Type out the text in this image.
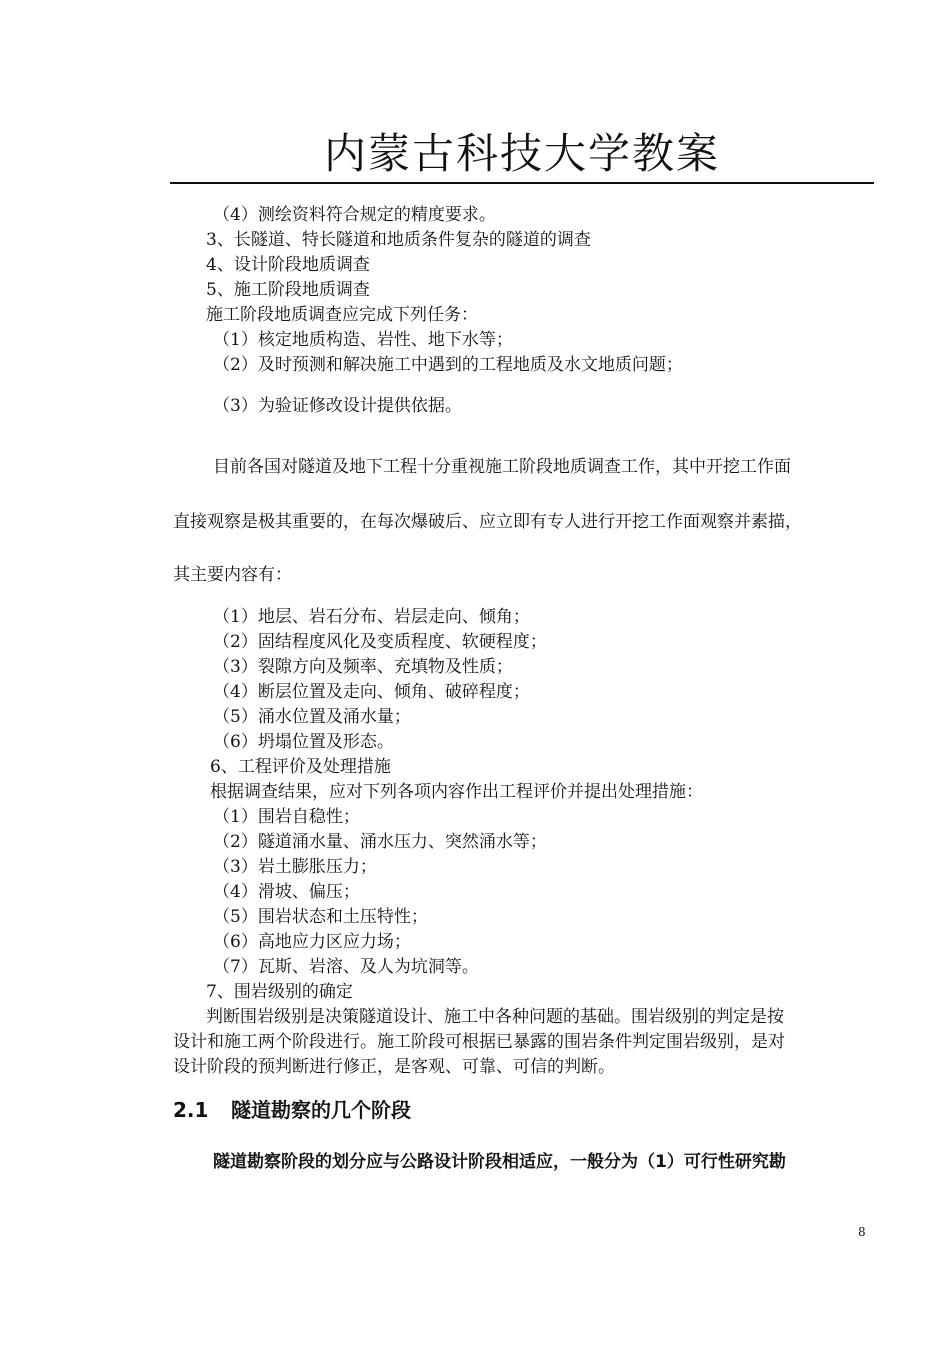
内蒙古科技大学教案
（4）测绘资料符合规定的精度要求。
3、长隧道、特长隧道和地质条件复杂的隧道的调查
4、设计阶段地质调查
5、施工阶段地质调查
施工阶段地质调查应完成下列任务：
（1）核定地质构造、岩性、地下水等；
（2）及时预测和解决施工中遇到的工程地质及水文地质问题；
（3）为验证修改设计提供依据。
目前各国对隧道及地下工程十分重视施工阶段地质调查工作，其中开挖工作面
直接观察是极其重要的，在每次爆破后、应立即有专人进行开挖工作面观察并素描，
其主要内容有：
（1）地层、岩石分布、岩层走向、倾角；
（2）固结程度风化及变质程度、软硬程度；
（3）裂隙方向及频率、充填物及性质；
（4）断层位置及走向、倾角、破碎程度；
（5）涌水位置及涌水量；
（6）坍塌位置及形态。
6、工程评价及处理措施
根据调查结果，应对下列各项内容作出工程评价并提出处理措施：
（1）围岩自稳性；
（2）隧道涌水量、涌水压力、突然涌水等；
（3）岩土膨胀压力；
（4）滑坡、偏压；
（5）围岩状态和土压特性；
（6）高地应力区应力场；
（7）瓦斯、岩溶、及人为坑洞等。
7、围岩级别的确定
判断围岩级别是决策隧道设计、施工中各种问题的基础。围岩级别的判定是按
设计和施工两个阶段进行。施工阶段可根据已暴露的围岩条件判定围岩级别，是对
设计阶段的预判断进行修正，是客观、可靠、可信的判断。
2.1 隧道勘察的几个阶段
隧道勘察阶段的划分应与公路设计阶段相适应，一般分为（1）可行性研究勘
8
